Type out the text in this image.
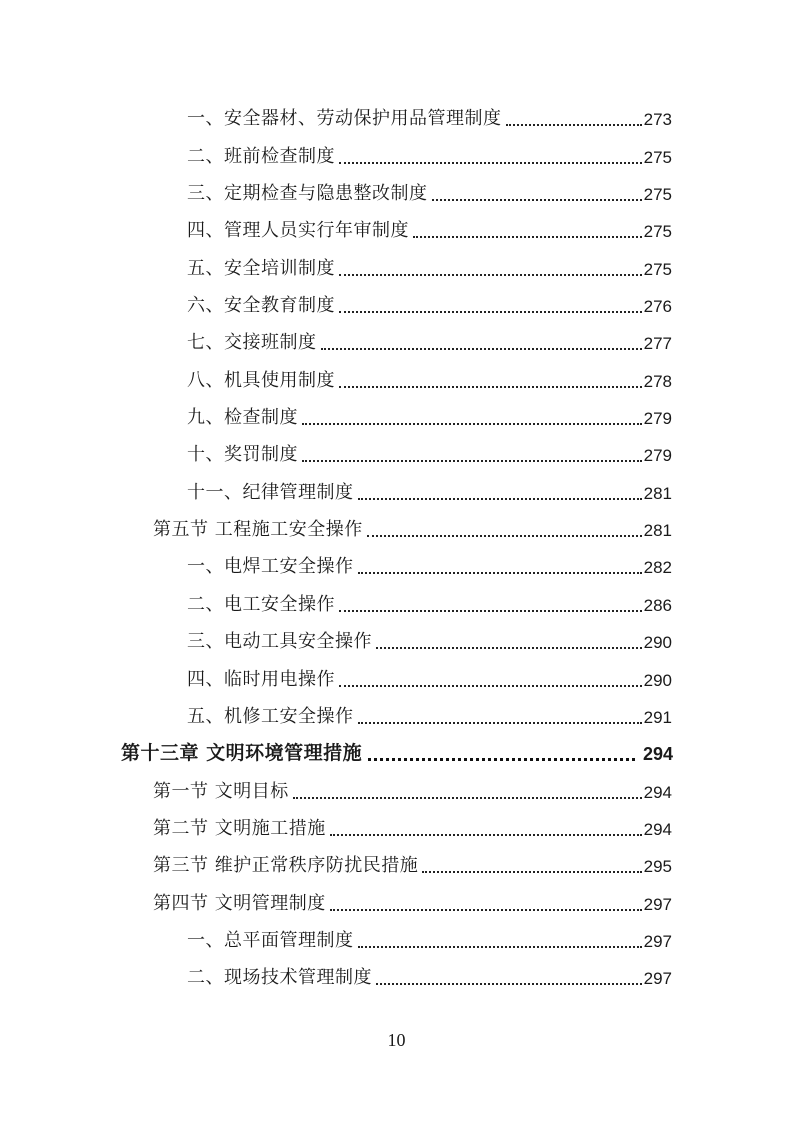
一、安全器材、劳动保护用品管理制度	273
二、班前检查制度	275
三、定期检查与隐患整改制度	275
四、管理人员实行年审制度	275
五、安全培训制度	275
六、安全教育制度	276
七、交接班制度	277
八、机具使用制度	278
九、检查制度	279
十、奖罚制度	279
十一、纪律管理制度	281
第五节 工程施工安全操作	281
一、电焊工安全操作	282
二、电工安全操作	286
三、电动工具安全操作	290
四、临时用电操作	290
五、机修工安全操作	291
第十三章 文明环境管理措施	294
第一节 文明目标	294
第二节 文明施工措施	294
第三节 维护正常秩序防扰民措施	295
第四节 文明管理制度	297
一、总平面管理制度	297
二、现场技术管理制度	297
10
